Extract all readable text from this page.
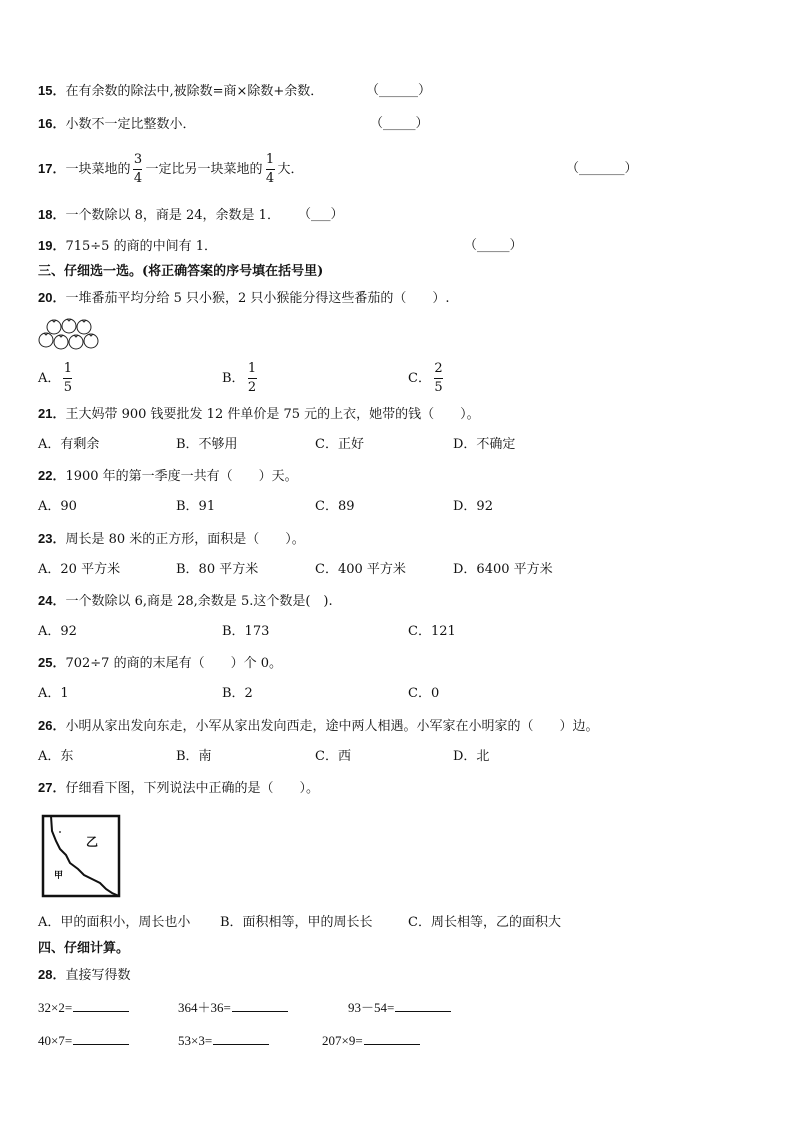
15．在有余数的除法中,被除数=商×除数+余数．	（______）
16．小数不一定比整数小．	（_____）
17．一块菜地的 $\frac{3}{4}$ 一定比另一块菜地的 $\frac{1}{4}$ 大．	（_______）
18．一个数除以 8，商是 24，余数是 1． （___）
19．715÷5 的商的中间有 1．	（_____）
三、仔细选一选。(将正确答案的序号填在括号里)
20．一堆番茄平均分给 5 只小猴，2 只小猴能分得这些番茄的（　　）.
A． $\frac{1}{5}$	B． $\frac{1}{2}$	C． $\frac{2}{5}$
21．王大妈带 900 钱要批发 12 件单价是 75 元的上衣，她带的钱（　　）。
A．有剩余	B．不够用	C．正好	D．不确定
22．1900 年的第一季度一共有（　　）天。
A．90	B．91	C．89	D．92
23．周长是 80 米的正方形，面积是（　　）。
A．20 平方米	B．80 平方米	C．400 平方米	D．6400 平方米
24．一个数除以 6,商是 28,余数是 5.这个数是(　).
A．92	B．173	C．121
25．702÷7 的商的末尾有（　　）个 0。
A．1	B．2	C．0
26．小明从家出发向东走，小军从家出发向西走，途中两人相遇。小军家在小明家的（　　）边。
A．东	B．南	C．西	D．北
27．仔细看下图，下列说法中正确的是（　　）。
乙
甲
A．甲的面积小，周长也小 B．面积相等，甲的周长长	C．周长相等，乙的面积大
四、仔细计算。
28．直接写得数
32×2=	364＋36=	93－54=
40×7=	53×3=	207×9=
